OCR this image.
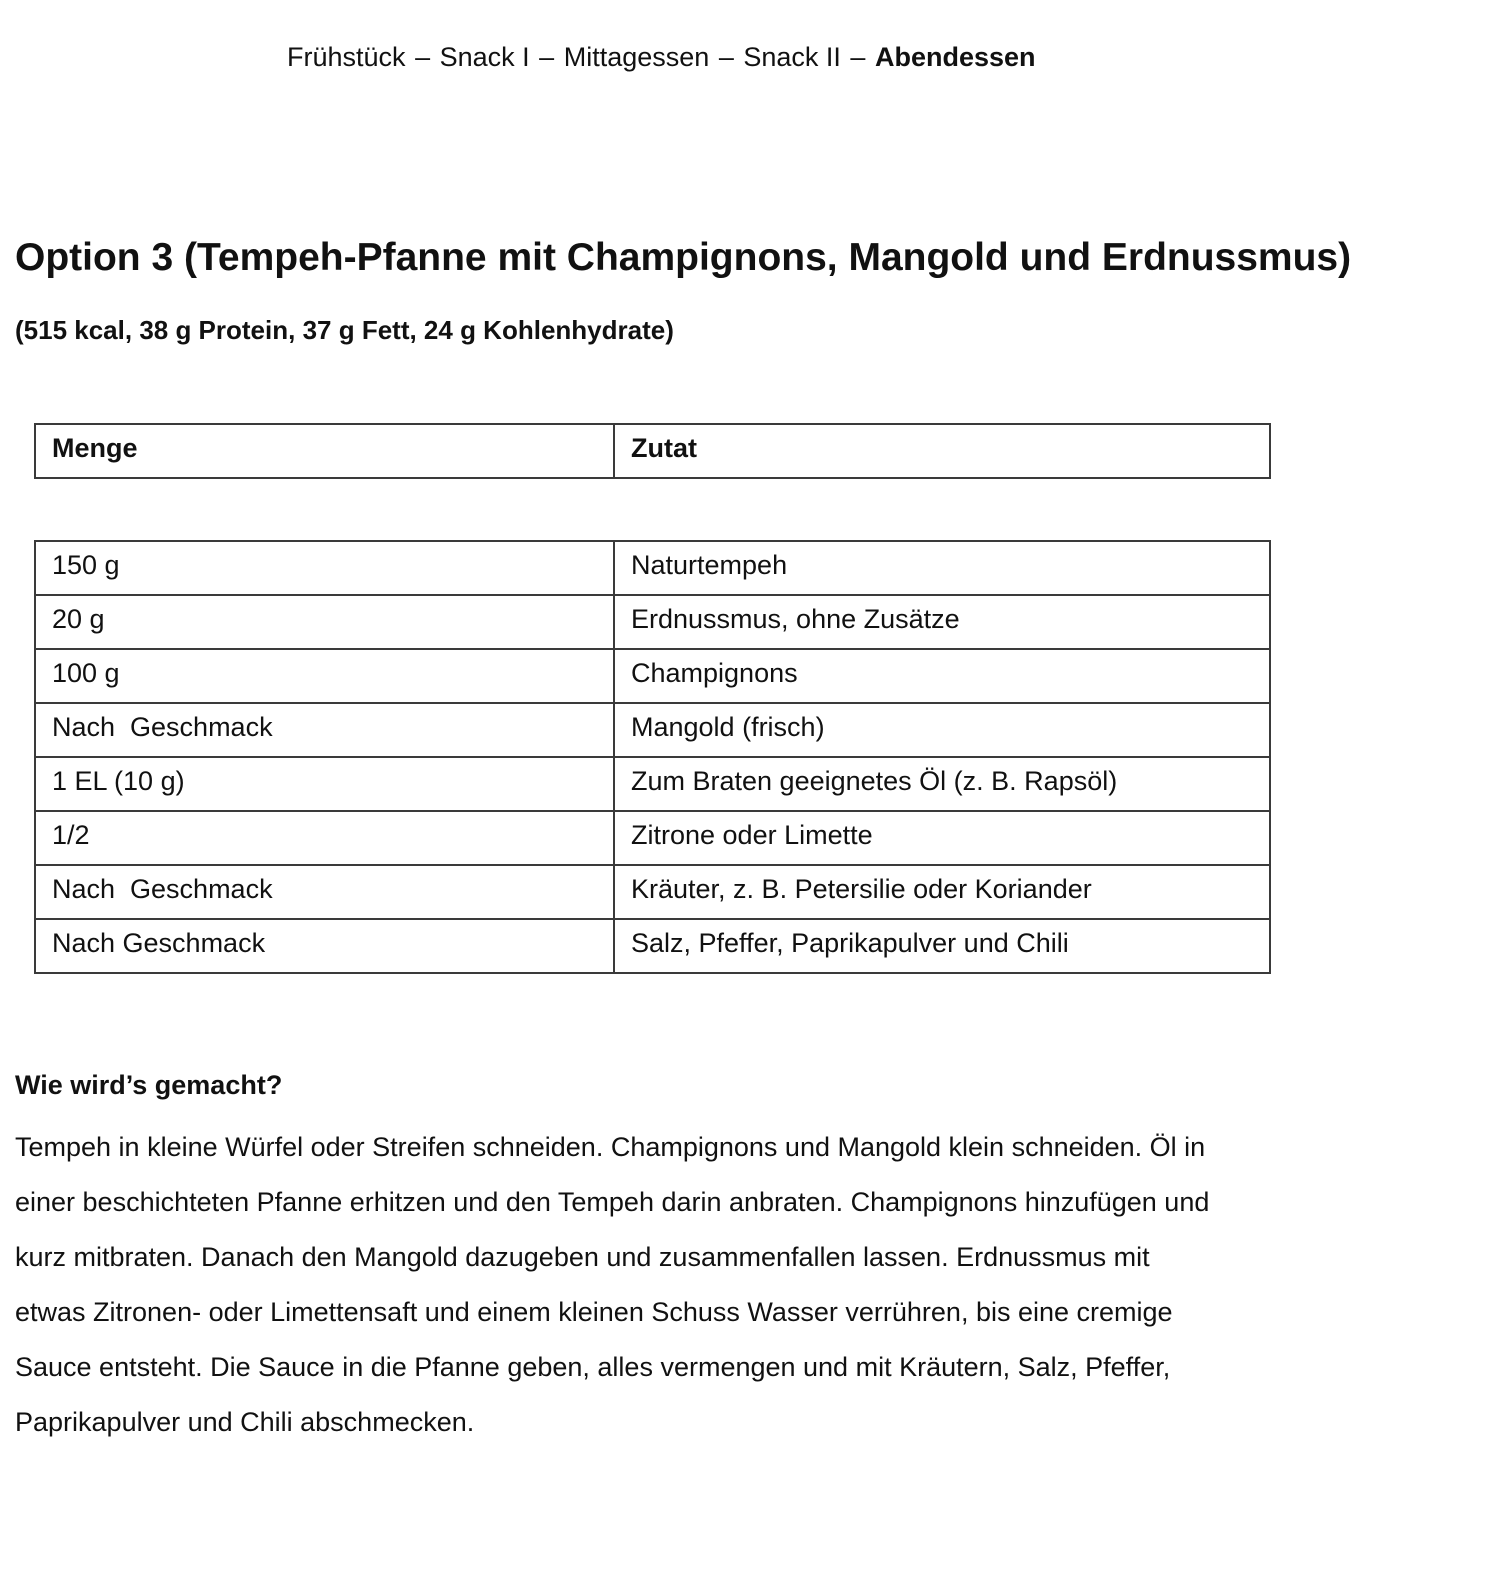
Frühstück – Snack I – Mittagessen – Snack II – Abendessen
Option 3 (Tempeh-Pfanne mit Champignons, Mangold und Erdnussmus)

(515 kcal, 38 g Protein, 37 g Fett, 24 g Kohlenhydrate)

Menge	Zutat
150 g	Naturtempeh
20 g	Erdnussmus, ohne Zusätze
100 g	Champignons
Nach  Geschmack	Mangold (frisch)
1 EL (10 g)	Zum Braten geeignetes Öl (z. B. Rapsöl)
1/2	Zitrone oder Limette
Nach  Geschmack	Kräuter, z. B. Petersilie oder Koriander
Nach Geschmack	Salz, Pfeffer, Paprikapulver und Chili
Wie wird’s gemacht?

Tempeh in kleine Würfel oder Streifen schneiden. Champignons und Mangold klein schneiden. Öl in
einer beschichteten Pfanne erhitzen und den Tempeh darin anbraten. Champignons hinzufügen und
kurz mitbraten. Danach den Mangold dazugeben und zusammenfallen lassen. Erdnussmus mit
etwas Zitronen- oder Limettensaft und einem kleinen Schuss Wasser verrühren, bis eine cremige
Sauce entsteht. Die Sauce in die Pfanne geben, alles vermengen und mit Kräutern, Salz, Pfeffer,
Paprikapulver und Chili abschmecken.
